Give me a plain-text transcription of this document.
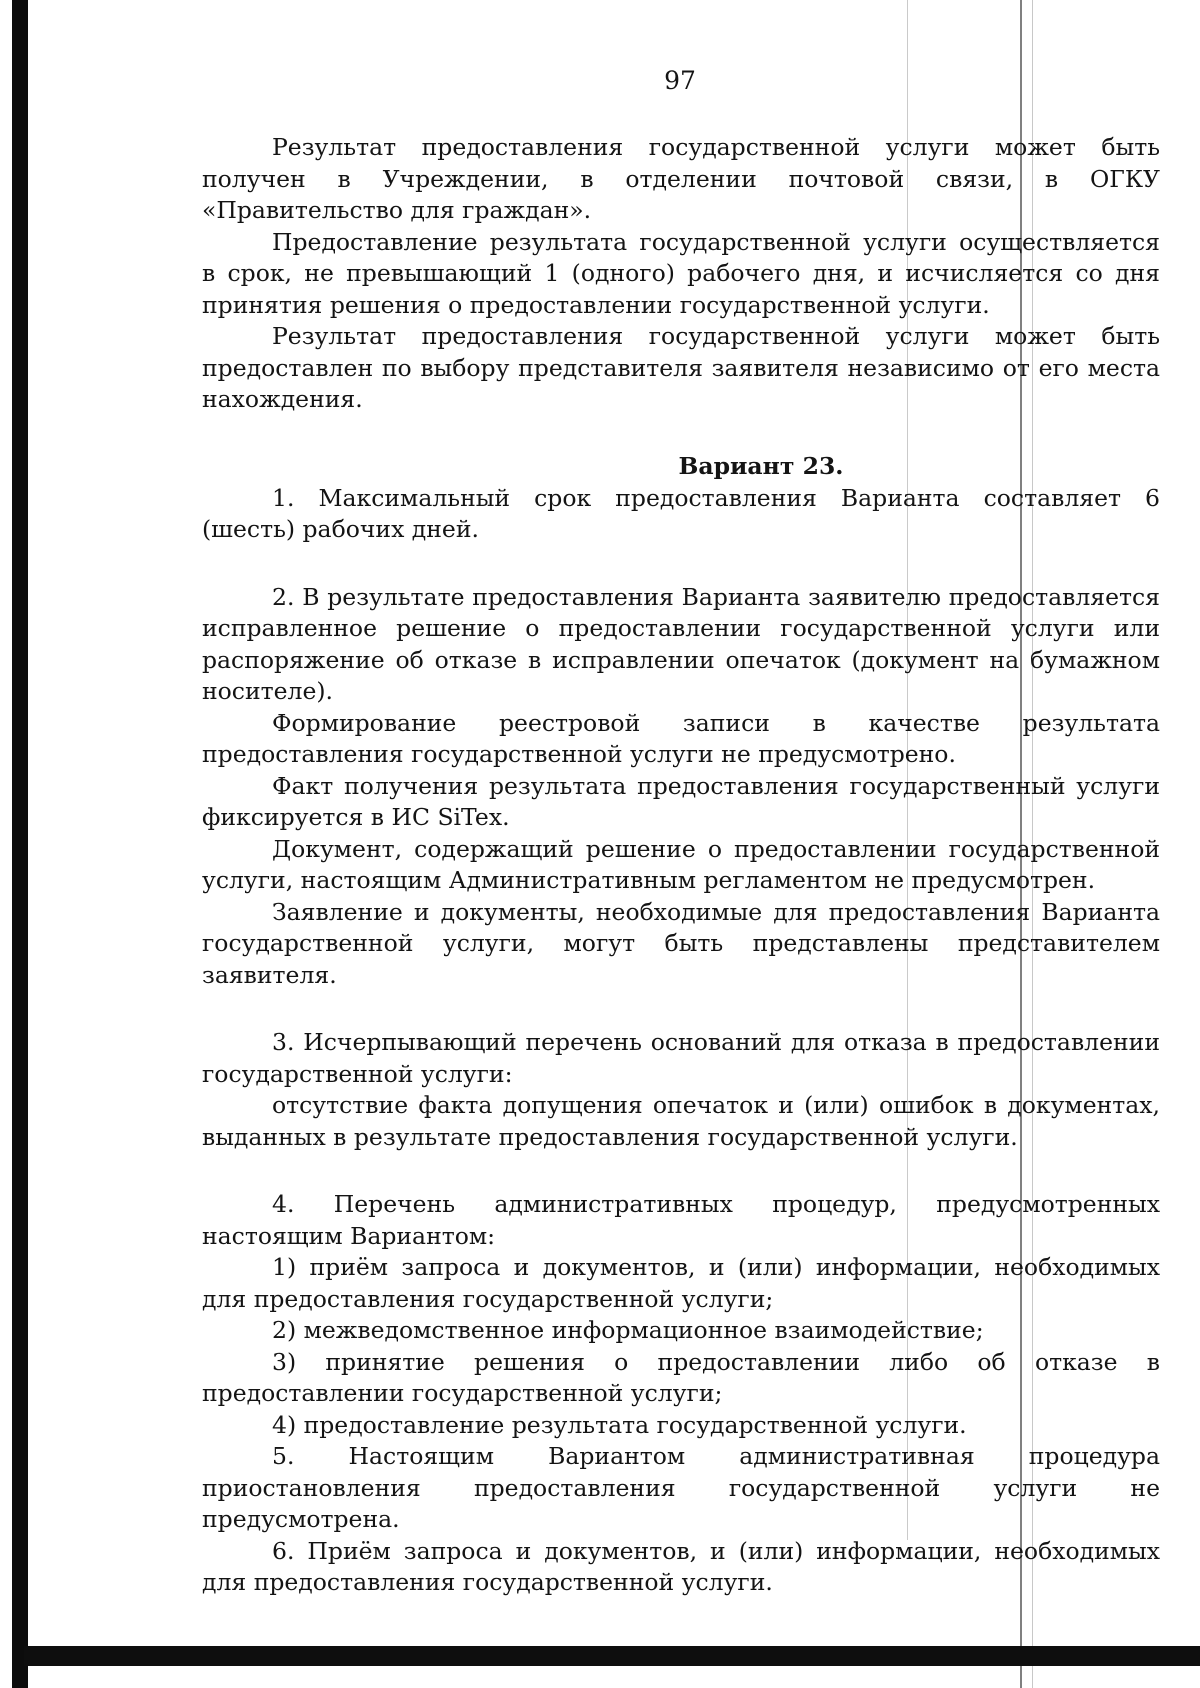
97

Результат предоставления государственной услуги может быть получен в Учреждении, в отделении почтовой связи, в ОГКУ «Правительство для граждан».

Предоставление результата государственной услуги осуществляется в срок, не превышающий 1 (одного) рабочего дня, и исчисляется со дня принятия решения о предоставлении государственной услуги.

Результат предоставления государственной услуги может быть предоставлен по выбору представителя заявителя независимо от его места нахождения.

Вариант 23.

1. Максимальный срок предоставления Варианта составляет 6 (шесть) рабочих дней.

2. В результате предоставления Варианта заявителю предоставляется исправленное решение о предоставлении государственной услуги или распоряжение об отказе в исправлении опечаток (документ на бумажном носителе).

Формирование реестровой записи в качестве результата предоставления государственной услуги не предусмотрено.

Факт получения результата предоставления государственный услуги фиксируется в ИС SiTex.

Документ, содержащий решение о предоставлении государственной услуги, настоящим Административным регламентом не предусмотрен.

Заявление и документы, необходимые для предоставления Варианта государственной услуги, могут быть представлены представителем заявителя.

3. Исчерпывающий перечень оснований для отказа в предоставлении государственной услуги:

отсутствие факта допущения опечаток и (или) ошибок в документах, выданных в результате предоставления государственной услуги.

4. Перечень административных процедур, предусмотренных настоящим Вариантом:

1) приём запроса и документов, и (или) информации, необходимых для предоставления государственной услуги;

2) межведомственное информационное взаимодействие;

3) принятие решения о предоставлении либо об отказе в предоставлении государственной услуги;

4) предоставление результата государственной услуги.

5. Настоящим Вариантом административная процедура приостановления предоставления государственной услуги не предусмотрена.

6. Приём запроса и документов, и (или) информации, необходимых для предоставления государственной услуги.
